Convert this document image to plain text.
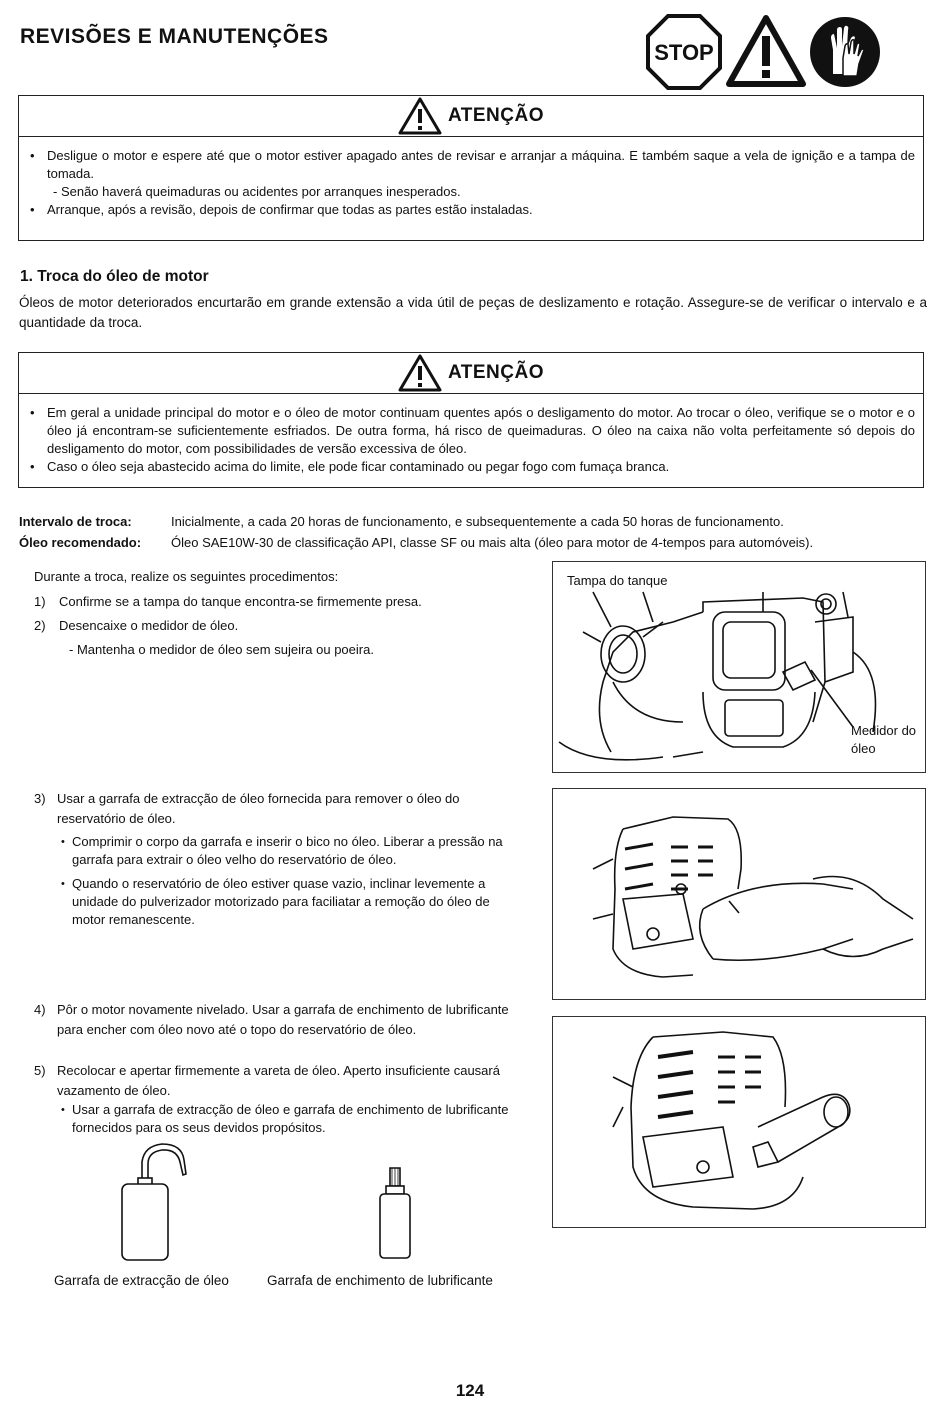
REVISÕES E MANUTENÇÕES
STOP
ATENÇÃO
• Desligue o motor e espere até que o motor estiver apagado antes de revisar e arranjar a máquina. E também saque a vela de ignição e a tampa de tomada.
- Senão haverá queimaduras ou acidentes por arranques inesperados.
• Arranque, após a revisão, depois de confirmar que todas as partes estão instaladas.
1. Troca do óleo de motor
Óleos de motor deteriorados encurtarão em grande extensão a vida útil de peças de deslizamento e rotação. Assegure-se de verificar o intervalo e a quantidade da troca.
ATENÇÃO
• Em geral a unidade principal do motor e o óleo de motor continuam quentes após o desligamento do motor. Ao trocar o óleo, verifique se o motor e o óleo já encontram-se suficientemente esfriados. De outra forma, há risco de queimaduras. O óleo na caixa não volta perfeitamente só depois do desligamento do motor, com possibilidades de versão excessiva de óleo.
• Caso o óleo seja abastecido acima do limite, ele pode ficar contaminado ou pegar fogo com fumaça branca.
Intervalo de troca:	Inicialmente, a cada 20 horas de funcionamento, e subsequentemente a cada 50 horas de funcionamento.
Óleo recomendado: Óleo SAE10W-30 de classificação API, classe SF ou mais alta (óleo para motor de 4-tempos para automóveis).
Durante a troca, realize os seguintes procedimentos:
1) Confirme se a tampa do tanque encontra-se firmemente presa.
2) Desencaixe o medidor de óleo.
- Mantenha o medidor de óleo sem sujeira ou poeira.
Tampa do tanque
Medidor do óleo
3) Usar a garrafa de extracção de óleo fornecida para remover o óleo do reservatório de óleo.
• Comprimir o corpo da garrafa e inserir o bico no óleo. Liberar a pressão na garrafa para extrair o óleo velho do reservatório de óleo.
• Quando o reservatório de óleo estiver quase vazio, inclinar levemente a unidade do pulverizador motorizado para faciliatar a remoção do óleo de motor remanescente.
4) Pôr o motor novamente nivelado. Usar a garrafa de enchimento de lubrificante para encher com óleo novo até o topo do reservatório de óleo.
5) Recolocar e apertar firmemente a vareta de óleo. Aperto insuficiente causará vazamento de óleo.
• Usar a garrafa de extracção de óleo e garrafa de enchimento de lubrificante fornecidos para os seus devidos propósitos.
Garrafa de extracção de óleo	Garrafa de enchimento de lubrificante
124
